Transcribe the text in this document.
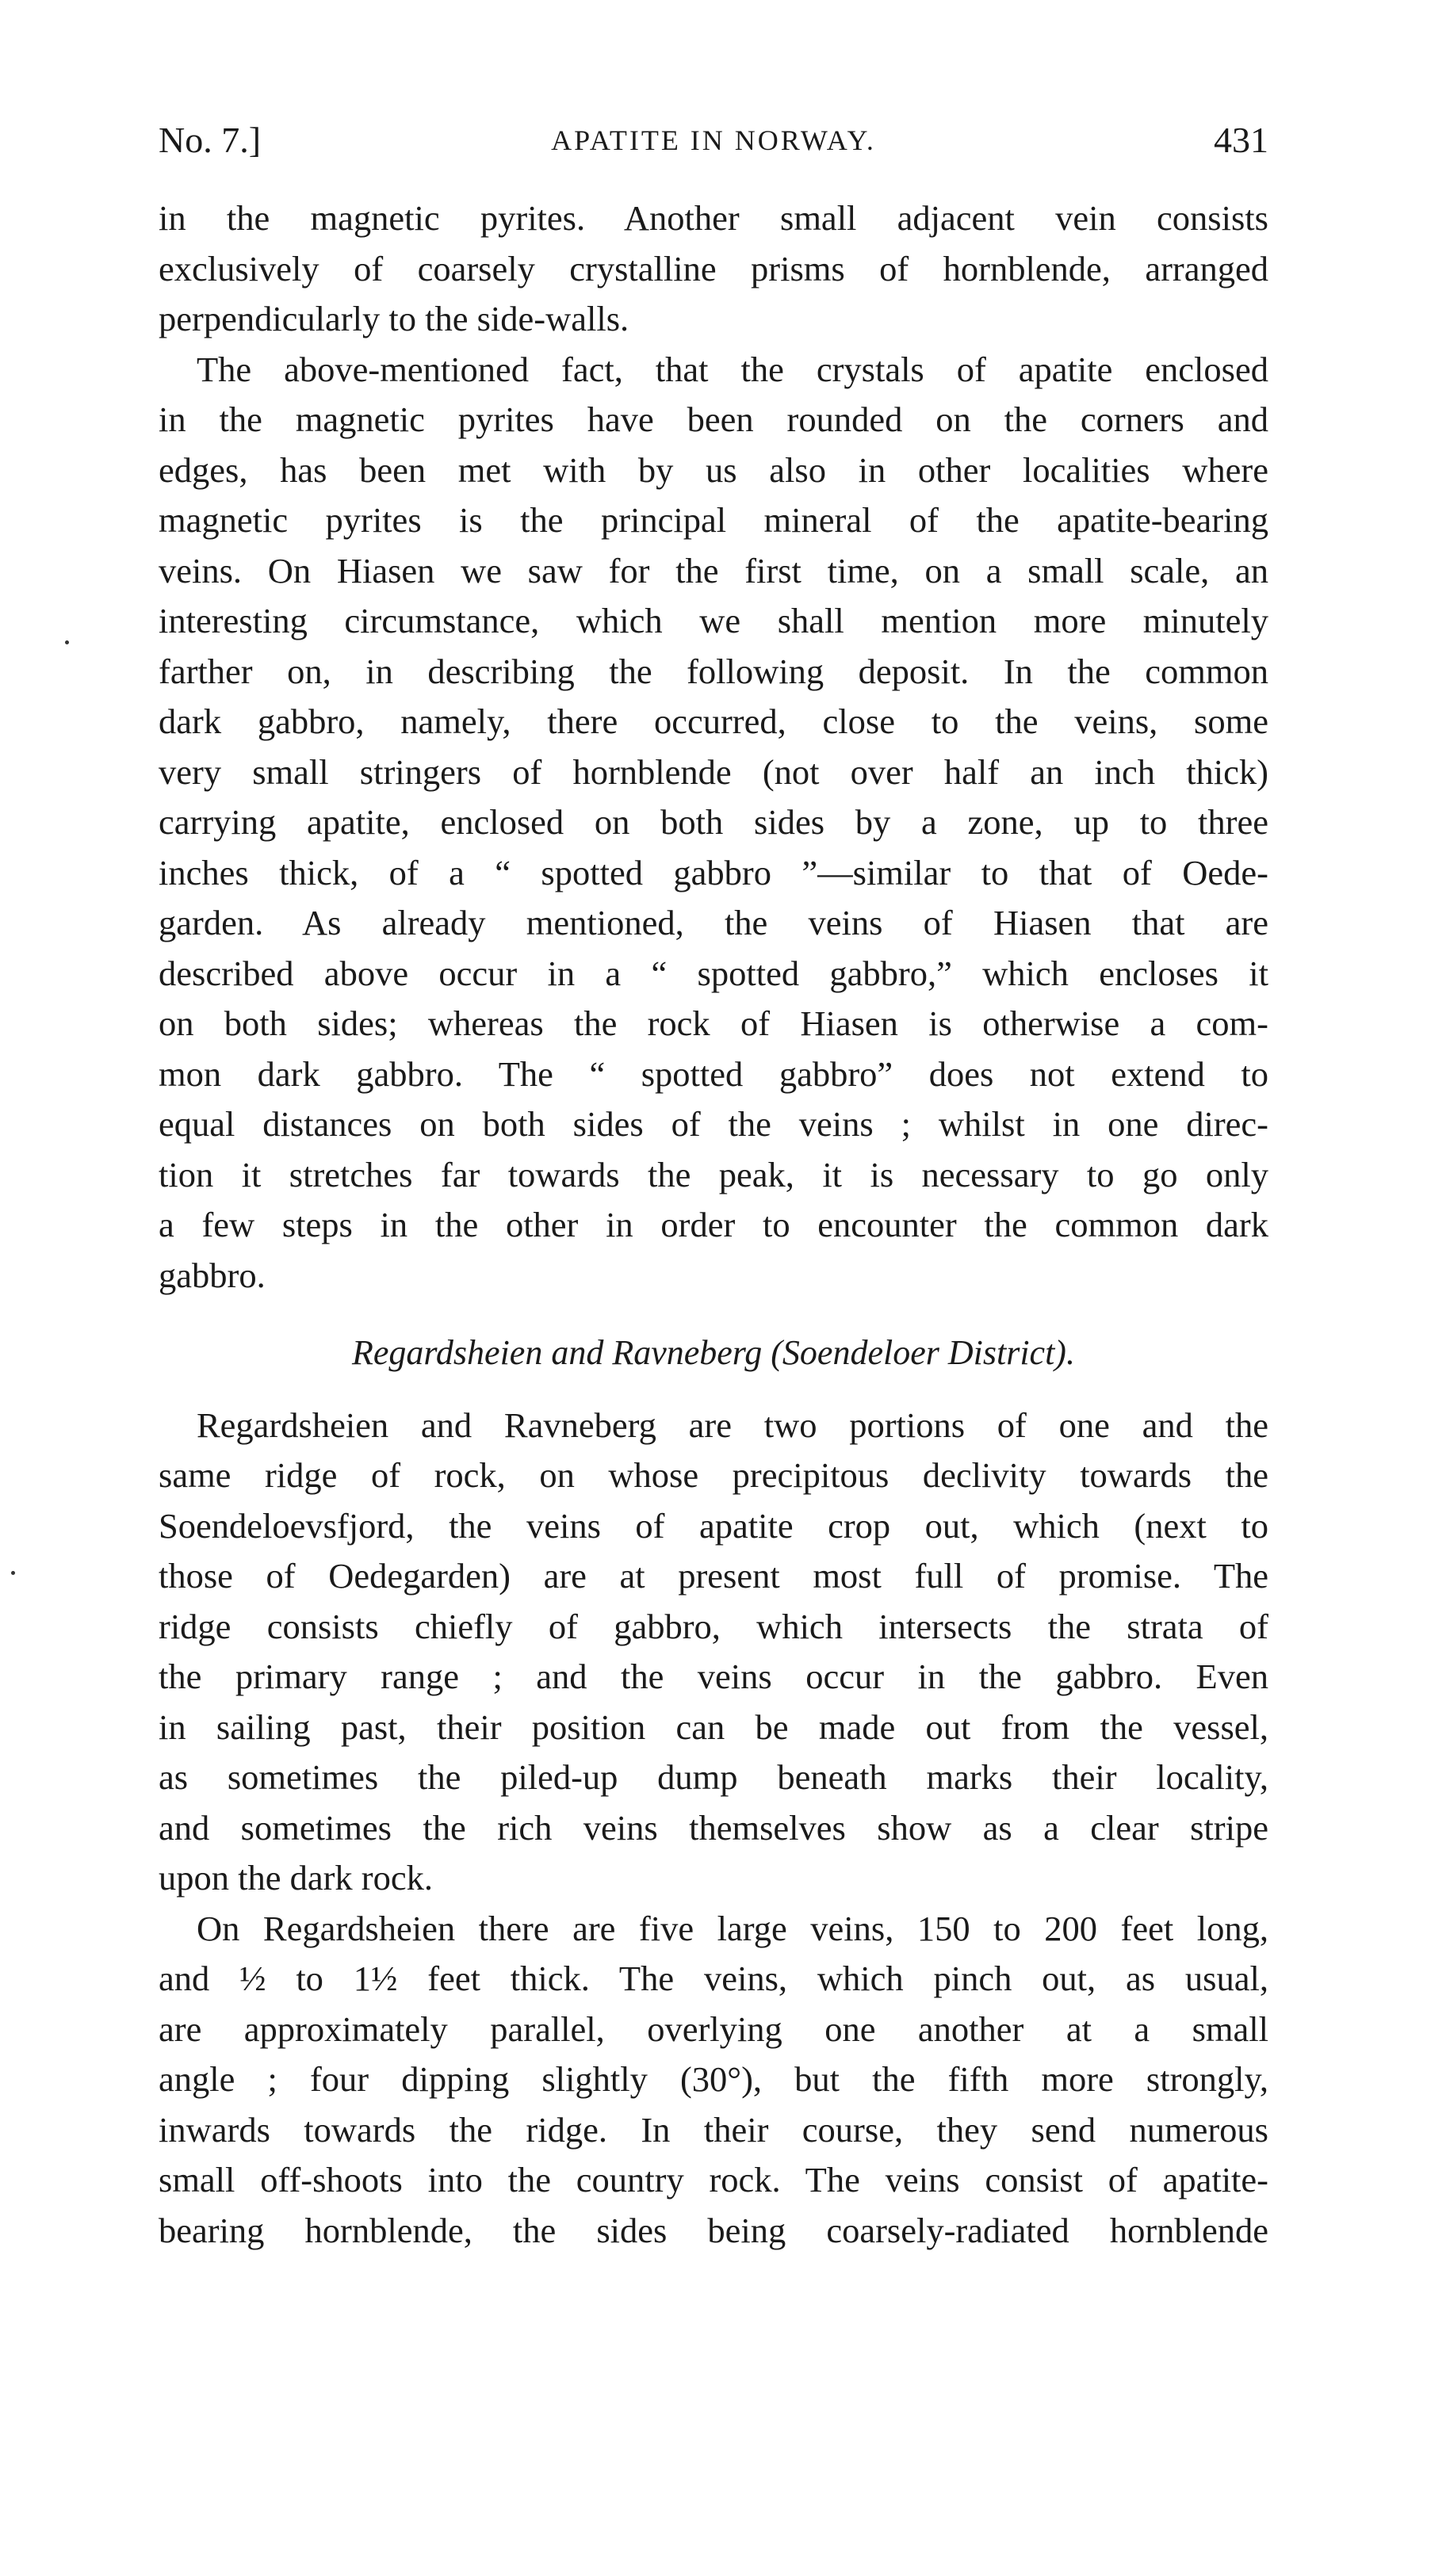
No. 7.]	APATITE IN NORWAY.	431
in the magnetic pyrites. Another small adjacent vein consists
exclusively of coarsely crystalline prisms of hornblende, arranged
perpendicularly to the side-walls.
The above-mentioned fact, that the crystals of apatite enclosed
in the magnetic pyrites have been rounded on the corners and
edges, has been met with by us also in other localities where
magnetic pyrites is the principal mineral of the apatite-bearing
veins. On Hiasen we saw for the first time, on a small scale, an
interesting circumstance, which we shall mention more minutely
farther on, in describing the following deposit. In the common
dark gabbro, namely, there occurred, close to the veins, some
very small stringers of hornblende (not over half an inch thick)
carrying apatite, enclosed on both sides by a zone, up to three
inches thick, of a “ spotted gabbro ”—similar to that of Oede-
garden. As already mentioned, the veins of Hiasen that are
described above occur in a “ spotted gabbro,” which encloses it
on both sides; whereas the rock of Hiasen is otherwise a com-
mon dark gabbro. The “ spotted gabbro” does not extend to
equal distances on both sides of the veins ; whilst in one direc-
tion it stretches far towards the peak, it is necessary to go only
a few steps in the other in order to encounter the common dark
gabbro.
Regardsheien and Ravneberg (Soendeloer District).
Regardsheien and Ravneberg are two portions of one and the
same ridge of rock, on whose precipitous declivity towards the
Soendeloevsfjord, the veins of apatite crop out, which (next to
those of Oedegarden) are at present most full of promise. The
ridge consists chiefly of gabbro, which intersects the strata of
the primary range ; and the veins occur in the gabbro. Even
in sailing past, their position can be made out from the vessel,
as sometimes the piled-up dump beneath marks their locality,
and sometimes the rich veins themselves show as a clear stripe
upon the dark rock.
On Regardsheien there are five large veins, 150 to 200 feet long,
and ½ to 1½ feet thick. The veins, which pinch out, as usual,
are approximately parallel, overlying one another at a small
angle ; four dipping slightly (30°), but the fifth more strongly,
inwards towards the ridge. In their course, they send numerous
small off-shoots into the country rock. The veins consist of apatite-
bearing hornblende, the sides being coarsely-radiated hornblende
